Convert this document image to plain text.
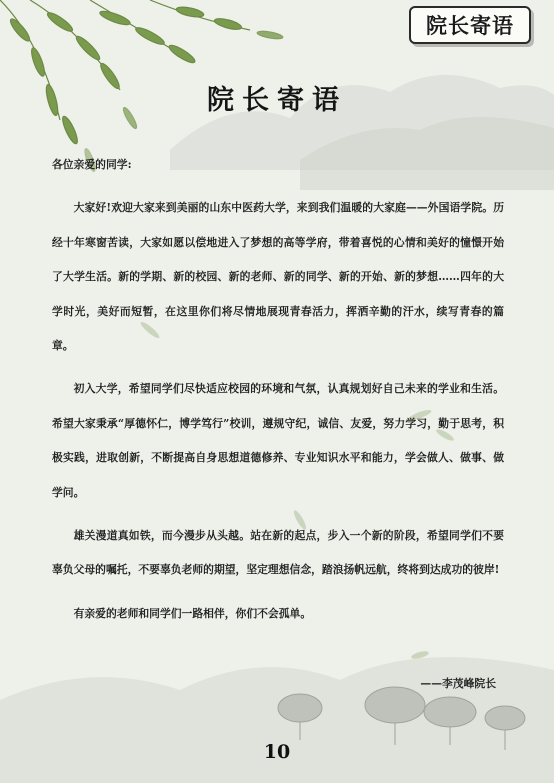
院长寄语
院长寄语

各位亲爱的同学:

大家好!欢迎大家来到美丽的山东中医药大学，来到我们温暖的大家庭——外国语学院。历经十年寒窗苦读，大家如愿以偿地进入了梦想的高等学府，带着喜悦的心情和美好的憧憬开始了大学生活。新的学期、新的校园、新的老师、新的同学、新的开始、新的梦想……四年的大学时光，美好而短暂，在这里你们将尽情地展现青春活力，挥洒辛勤的汗水，续写青春的篇章。

初入大学，希望同学们尽快适应校园的环境和气氛，认真规划好自己未来的学业和生活。希望大家秉承“厚德怀仁，博学笃行”校训，遵规守纪，诚信、友爱，努力学习，勤于思考，积极实践，进取创新，不断提高自身思想道德修养、专业知识水平和能力，学会做人、做事、做学问。

雄关漫道真如铁，而今漫步从头越。站在新的起点，步入一个新的阶段，希望同学们不要辜负父母的嘱托，不要辜负老师的期望，坚定理想信念，踏浪扬帆远航，终将到达成功的彼岸!

有亲爱的老师和同学们一路相伴，你们不会孤单。

——李茂峰院长
10
